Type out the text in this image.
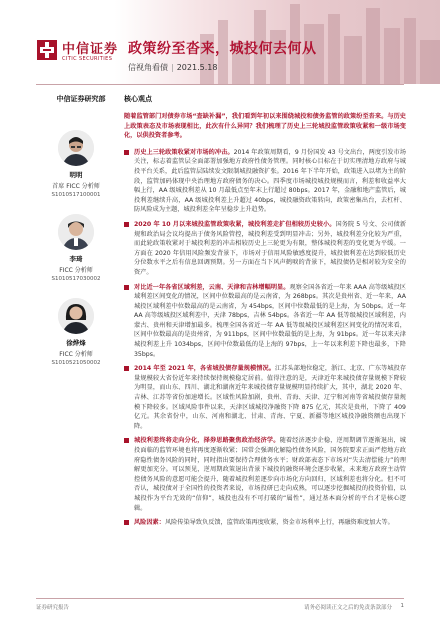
中信证券
CITIC SECURITIES
政策纷至沓来，城投何去何从
信视角看债 | 2021.5.18
中信证券研究部
明明
首席 FICC 分析师
S1010517100001
李琦
FICC 分析师
S1010517030002
徐烨烽
FICC 分析师
S1010521050002
核心观点
随着监管部门对债券市场“查缺补漏”，我们看到年初以来围绕城投和债务监管的政策纷至沓来。与历史上政策表态及市场表现相比，此次有什么异同？我们梳理了历史上三轮城投监管政策收紧和一级市场变化，以供投资者参考。
历史上三轮政策收紧对市场的冲击。2014 年政策周期看，9 月份国发 43 号文出台，两度引发市场关注，标志着监管层全面部署加强地方政府性债务管理。同时核心目标在于切实理清地方政府与城投平台关系，此后监管层陆续发文限制城投融资扩张。2016 年下半年开始，政策进入以堵为主的阶段，监管加码体现中央治理地方政府债务的决心。四季度市场城投城投规模而言，利差和收益率大幅上行，AA 级城投利差从 10 月最低点至年末上行超过 80bps。2017 年，金融和地产监管后，城投利差继续升高，AA 级城投利差上升超过 40bps，城投融资政策转向，政策密集出台，去杠杆、防风险成为主题，城投利差全年呈稳步上升趋势。
2020 年 10 月以来城投监管政策收紧，城投利差走扩但相较历史较小。国务院 5 号文、公司债新规和政治局会议均提出于债务风险管控，城投利差受到明显冲击；另外，城投利差分化较为严重，而此轮政策收紧对于城投利差的冲击相较历史上三轮更为有限，整体城投利差的变化更为平缓。一方面在 2020 年信用风险频发背景下，市场对于信用风险敏感度提升，城投债利差在达到较低历史分位数水平之后有信息回调预期。另一方面在当下风声鹤唳的背景下，城投债仍是相对较为安全的资产。
对比近一年各省区域利差，云南、天津和吉林增幅明显。观察全国各省近一年来 AAA 高等级城投区域利差区间变化的情况，区间中位数最高的是云南省，为 268bps。其次是贵州省、近一年来，AA 城投区域利差中位数最高的是云南省，为 454bps，区间中位数最低的是上海，为 50bps。近一年 AA 高等级城投区域利差中，天津 78bps，吉林 54bps。各省近一年 AA 低等级城投区域利差，内蒙古、贵州和天津增加最多。梳理全国各省近一年 AA 低等级城投区域利差区间变化的情况来看，区间中位数最高的是贵州省，为 911bps，区间中位数最低的是上海，为 91bps。近一年以来天津城投利差上升 1034bps，区间中位数最低的是上海的 97bps，上一年以来利差下降也最多，下降 35bps。
2014 年至 2021 年，各省城投债存量规模情况。江苏头部地位稳定，浙江、北京、广东等城投存量规模较大省份近年来持续保持规模稳定居前。值得注意的是，天津近年来城投债存量规模下降较为明显，而山东、四川、湖北和湖南近年来城投债存量规模明显持续扩大，其中，湖北 2020 年、吉林、江苏等省份加速增长。区域性风险加剧，贵州、青海、天津、辽宁和河南等省城投债存量规模下降较多。区域风险事件以来，天津区域城投净融资下降 875 亿元，其次是贵州，下降了 409 亿元。其余省份中，山东、河南和湖北、甘肃、青海、宁夏、新疆等地区城投净融资额也出现下降。
城投利差终将走向分化，择券思路聚焦政治经济学。随着经济逐步企稳，逆周期调节逐渐退出，城投面临的监管环境也将再度逐渐收紧；国常会强调化解隐性债务风险，国务院要求正面严控地方政府隐性债务风险的同时，同时指出要保持合理债务水平；财政部表态下市场对“失去清偿能力”的理解更加充分。可以预见，逆周期政策退出背景下城投的融资环境会逐步收紧，未来地方政府主动管控债务风险的意愿可能会提升，随着城投利差逐步向市场化方向回归，区域利差也将分化。但不可否认，城投债对于全国性的投资者来说，市场投研已走向成熟，可以逐步挖掘城投的投资价值，以城投作为平台无效的“信仰”，城投也没有不可打破的“属性”，通过基本面分析的平台才是核心逻辑。
风险因素：风险传染导致负反馈，监管政策再度收紧，资金市场利率上行，再融资难度加大等。
证券研究报告	请务必阅读正文之后的免责条款部分 1
